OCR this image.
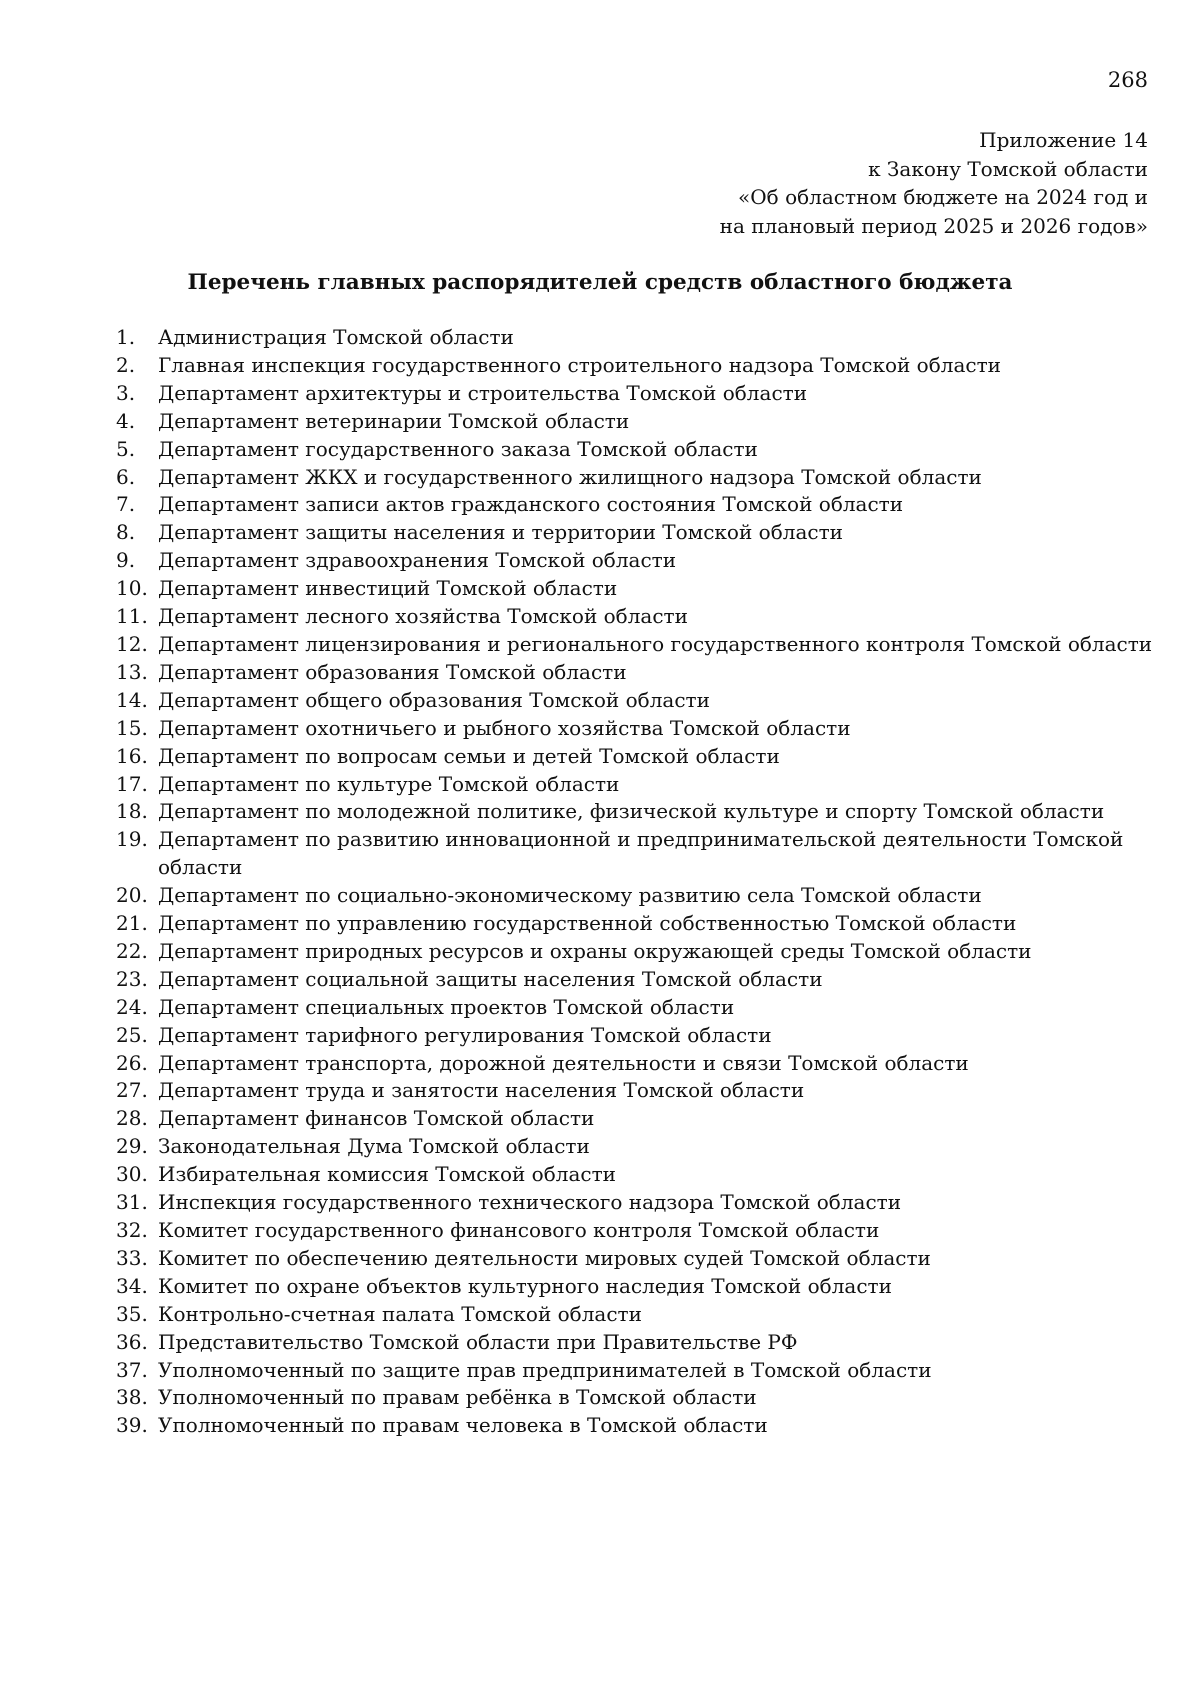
268
Приложение 14
к Закону Томской области
«Об областном бюджете на 2024 год и
на плановый период 2025 и 2026 годов»
Перечень главных распорядителей средств областного бюджета
1. Администрация Томской области
2. Главная инспекция государственного строительного надзора Томской области
3. Департамент архитектуры и строительства Томской области
4. Департамент ветеринарии Томской области
5. Департамент государственного заказа Томской области
6. Департамент ЖКХ и государственного жилищного надзора Томской области
7. Департамент записи актов гражданского состояния Томской области
8. Департамент защиты населения и территории Томской области
9. Департамент здравоохранения Томской области
10. Департамент инвестиций Томской области
11. Департамент лесного хозяйства Томской области
12. Департамент лицензирования и регионального государственного контроля Томской области
13. Департамент образования Томской области
14. Департамент общего образования Томской области
15. Департамент охотничьего и рыбного хозяйства Томской области
16. Департамент по вопросам семьи и детей Томской области
17. Департамент по культуре Томской области
18. Департамент по молодежной политике, физической культуре и спорту Томской области
19. Департамент по развитию инновационной и предпринимательской деятельности Томской области
20. Департамент по социально-экономическому развитию села Томской области
21. Департамент по управлению государственной собственностью Томской области
22. Департамент природных ресурсов и охраны окружающей среды Томской области
23. Департамент социальной защиты населения Томской области
24. Департамент специальных проектов Томской области
25. Департамент тарифного регулирования Томской области
26. Департамент транспорта, дорожной деятельности и связи Томской области
27. Департамент труда и занятости населения Томской области
28. Департамент финансов Томской области
29. Законодательная Дума Томской области
30. Избирательная комиссия Томской области
31. Инспекция государственного технического надзора Томской области
32. Комитет государственного финансового контроля Томской области
33. Комитет по обеспечению деятельности мировых судей Томской области
34. Комитет по охране объектов культурного наследия Томской области
35. Контрольно-счетная палата Томской области
36. Представительство Томской области при Правительстве РФ
37. Уполномоченный по защите прав предпринимателей в Томской области
38. Уполномоченный по правам ребёнка в Томской области
39. Уполномоченный по правам человека в Томской области
